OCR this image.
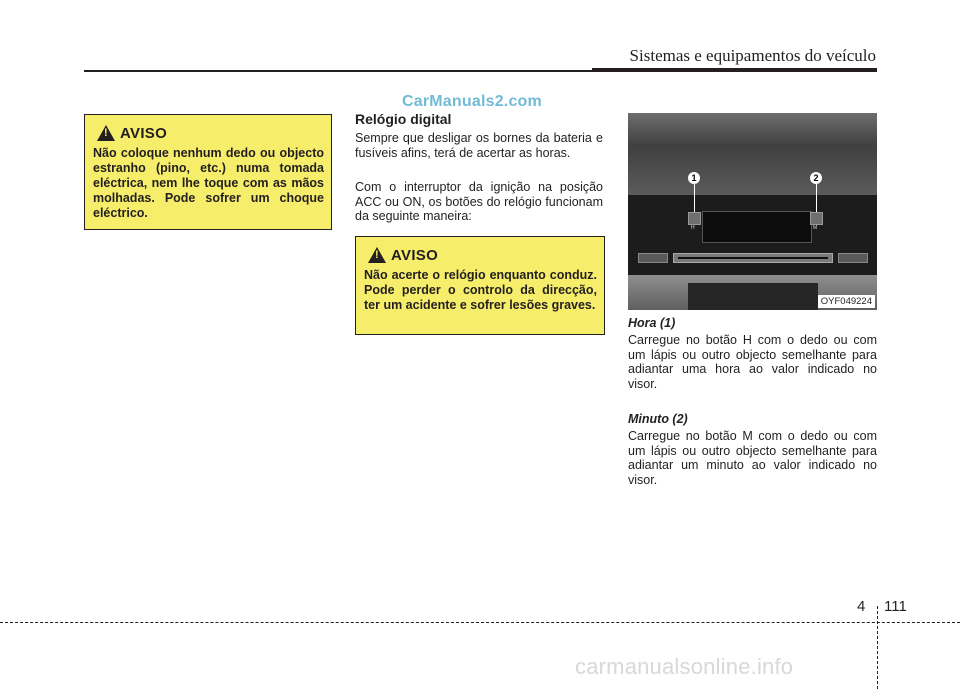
Sistemas e equipamentos do veículo
CarManuals2.com
! AVISO
Não coloque nenhum dedo ou objecto estranho (pino, etc.) numa tomada eléctrica, nem lhe toque com as mãos molhadas. Pode sofrer um choque eléctrico.
Relógio digital
Sempre que desligar os bornes da bateria e fusíveis afins, terá de acertar as horas.
Com o interruptor da ignição na posição ACC ou ON, os botões do relógio funcionam da seguinte maneira:
! AVISO
Não acerte o relógio enquanto conduz. Pode perder o controlo da direcção, ter um acidente e sofrer lesões graves.
H	M
1	2
OYF049224
Hora (1)
Carregue no botão H com o dedo ou com um lápis ou outro objecto semelhante para adiantar uma hora ao valor indicado no visor.
Minuto (2)
Carregue no botão M com o dedo ou com um lápis ou outro objecto semelhante para adiantar um minuto ao valor indicado no visor.
4 111
carmanualsonline.info
